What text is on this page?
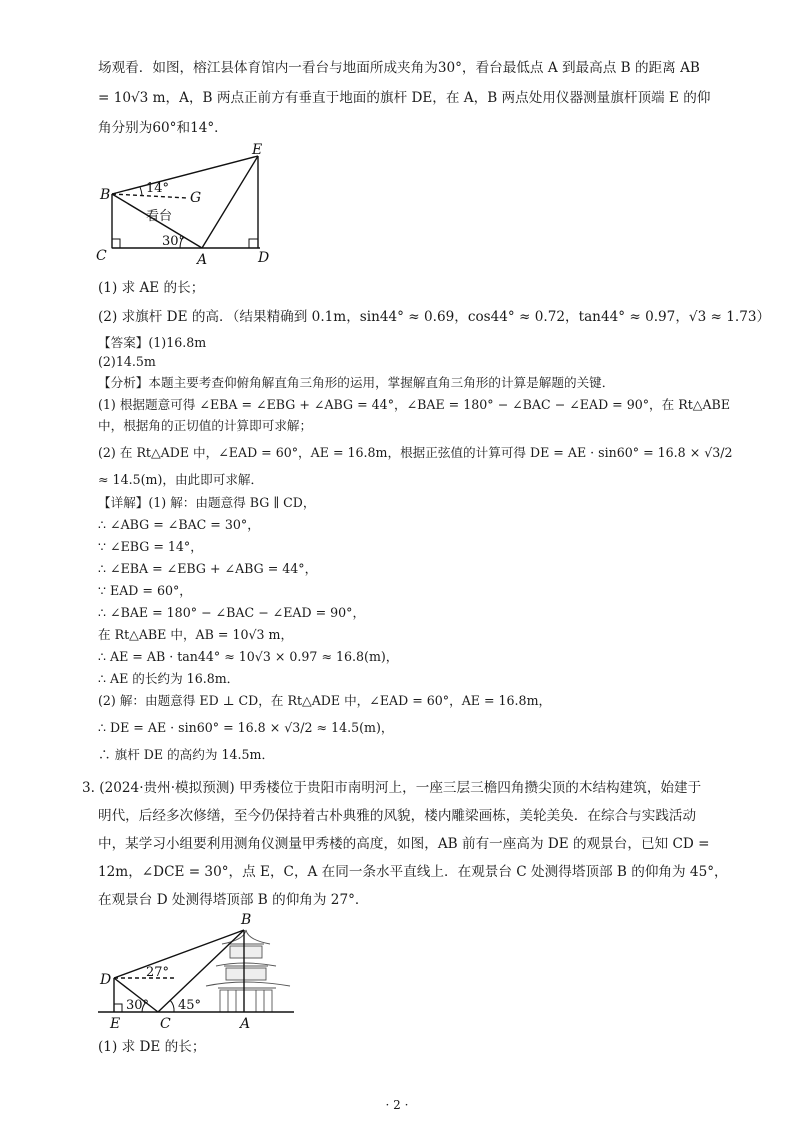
场观看．如图，榕江县体育馆内一看台与地面所成夹角为30°，看台最低点 A 到最高点 B 的距离 AB
= 10√3 m，A，B 两点正前方有垂直于地面的旗杆 DE，在 A，B 两点处用仪器测量旗杆顶端 E 的仰
角分别为60°和14°．
B
E
G
C	A	D
14°
30°
看台
(1) 求 AE 的长；
(2) 求旗杆 DE 的高．（结果精确到 0.1m，sin44° ≈ 0.69，cos44° ≈ 0.72，tan44° ≈ 0.97，√3 ≈ 1.73）
【答案】(1)16.8m
(2)14.5m
【分析】本题主要考查仰俯角解直角三角形的运用，掌握解直角三角形的计算是解题的关键．
(1) 根据题意可得 ∠EBA = ∠EBG + ∠ABG = 44°，∠BAE = 180° − ∠BAC − ∠EAD = 90°，在 Rt△ABE
中，根据角的正切值的计算即可求解；
(2) 在 Rt△ADE 中，∠EAD = 60°，AE = 16.8m，根据正弦值的计算可得 DE = AE · sin60° = 16.8 × √3/2
≈ 14.5(m)，由此即可求解．
【详解】(1) 解：由题意得 BG ∥ CD，
∴ ∠ABG = ∠BAC = 30°，
∵ ∠EBG = 14°，
∴ ∠EBA = ∠EBG + ∠ABG = 44°，
∵ EAD = 60°，
∴ ∠BAE = 180° − ∠BAC − ∠EAD = 90°，
在 Rt△ABE 中，AB = 10√3 m，
∴ AE = AB · tan44° ≈ 10√3 × 0.97 ≈ 16.8(m)，
∴ AE 的长约为 16.8m．
(2) 解：由题意得 ED ⊥ CD，在 Rt△ADE 中，∠EAD = 60°，AE = 16.8m，
∴ DE = AE · sin60° = 16.8 × √3/2 ≈ 14.5(m)，
∴ 旗杆 DE 的高约为 14.5m．
3. (2024·贵州·模拟预测) 甲秀楼位于贵阳市南明河上，一座三层三檐四角攒尖顶的木结构建筑，始建于
明代，后经多次修缮，至今仍保持着古朴典雅的风貌，楼内雕梁画栋，美轮美奂．在综合与实践活动
中，某学习小组要利用测角仪测量甲秀楼的高度，如图，AB 前有一座高为 DE 的观景台，已知 CD =
12m，∠DCE = 30°，点 E，C，A 在同一条水平直线上．在观景台 C 处测得塔顶部 B 的仰角为 45°，
在观景台 D 处测得塔顶部 B 的仰角为 27°．
B
D
E	C	A
27°
30° 45°
(1) 求 DE 的长；
· 2 ·
